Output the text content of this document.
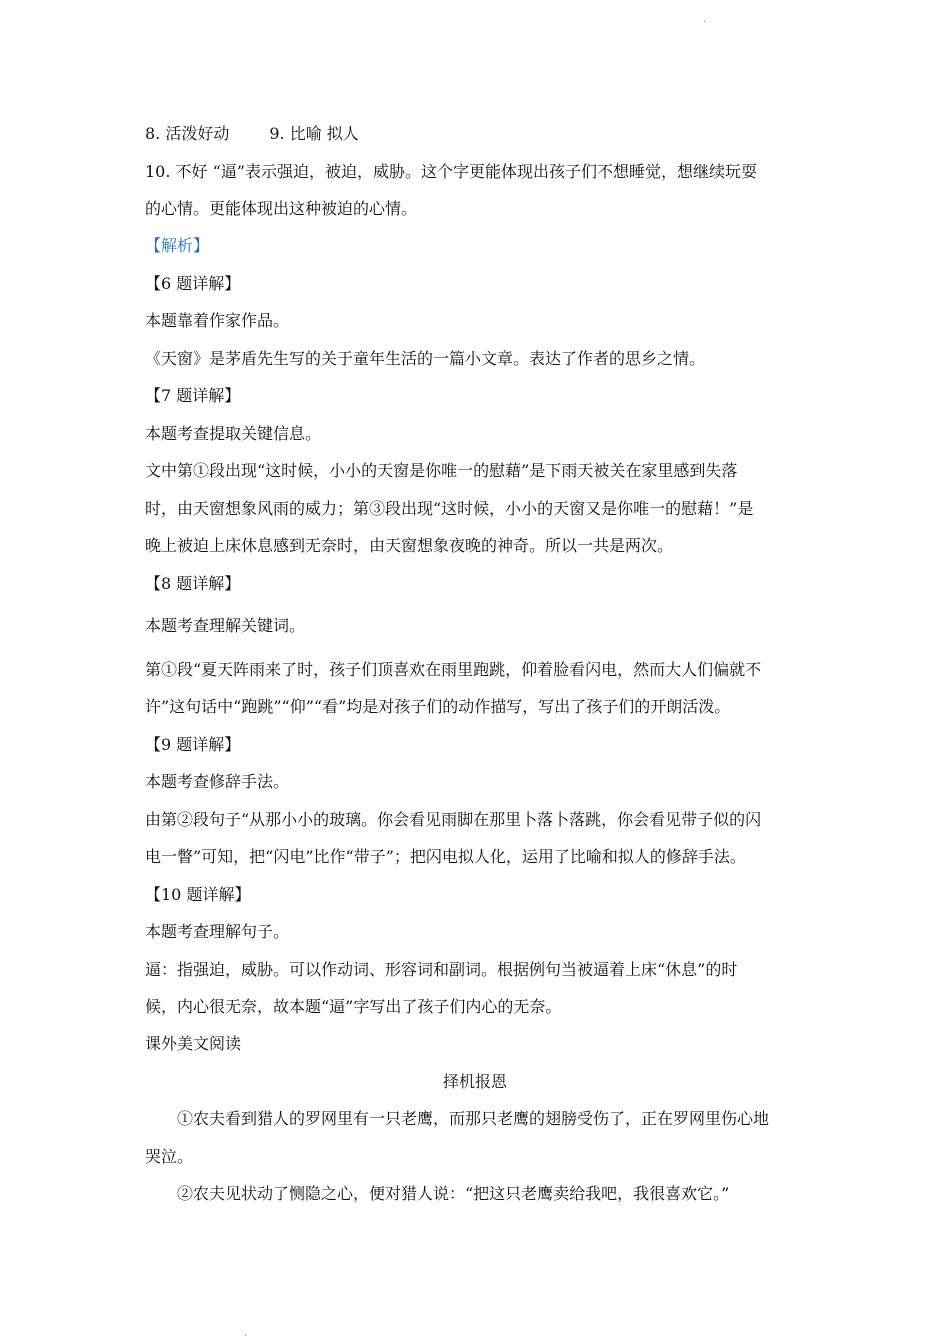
.
8. 活泼好动	9. 比喻 拟人
10. 不好 “逼”表示强迫，被迫，威胁。这个字更能体现出孩子们不想睡觉，想继续玩耍
的心情。更能体现出这种被迫的心情。
【解析】
【6 题详解】
本题靠着作家作品。
《天窗》是茅盾先生写的关于童年生活的一篇小文章。表达了作者的思乡之情。
【7 题详解】
本题考查提取关键信息。
文中第①段出现“这时候，小小的天窗是你唯一的慰藉”是下雨天被关在家里感到失落
时，由天窗想象风雨的威力；第③段出现“这时候，小小的天窗又是你唯一的慰藉！”是
晚上被迫上床休息感到无奈时，由天窗想象夜晚的神奇。所以一共是两次。
【8 题详解】
本题考查理解关键词。
第①段“夏天阵雨来了时，孩子们顶喜欢在雨里跑跳，仰着脸看闪电，然而大人们偏就不
许”这句话中“跑跳”“仰”“看”均是对孩子们的动作描写，写出了孩子们的开朗活泼。
【9 题详解】
本题考查修辞手法。
由第②段句子“从那小小的玻璃。你会看见雨脚在那里卜落卜落跳，你会看见带子似的闪
电一瞥”可知，把“闪电”比作“带子”；把闪电拟人化，运用了比喻和拟人的修辞手法。
【10 题详解】
本题考查理解句子。
逼：指强迫，威胁。可以作动词、形容词和副词。根据例句当被逼着上床“休息”的时
候，内心很无奈，故本题“逼”字写出了孩子们内心的无奈。
课外美文阅读
择机报恩
①农夫看到猎人的罗网里有一只老鹰，而那只老鹰的翅膀受伤了，正在罗网里伤心地
哭泣。
②农夫见状动了恻隐之心，便对猎人说：“把这只老鹰卖给我吧，我很喜欢它。”
.
